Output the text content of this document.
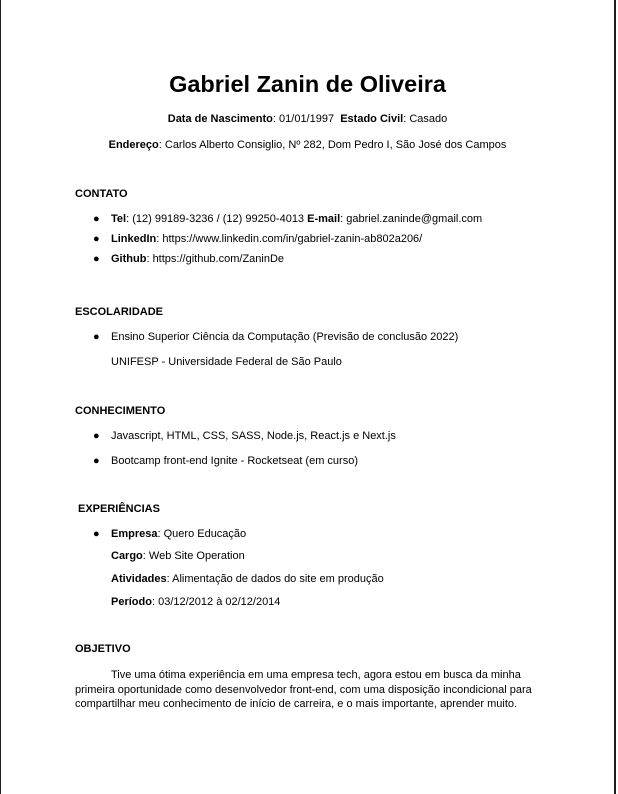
Gabriel Zanin de Oliveira
Data de Nascimento: 01/01/1997 Estado Civil: Casado
Endereço: Carlos Alberto Consiglio, Nº 282, Dom Pedro I, São José dos Campos
CONTATO
● Tel: (12) 99189-3236 / (12) 99250-4013 E-mail: gabriel.zaninde@gmail.com
● LinkedIn: https://www.linkedin.com/in/gabriel-zanin-ab802a206/
● Github: https://github.com/ZaninDe
ESCOLARIDADE
● Ensino Superior Ciência da Computação (Previsão de conclusão 2022)
UNIFESP - Universidade Federal de São Paulo
CONHECIMENTO
● Javascript, HTML, CSS, SASS, Node.js, React.js e Next.js
● Bootcamp front-end Ignite - Rocketseat (em curso)
EXPERIÊNCIAS
● Empresa: Quero Educação
Cargo: Web Site Operation
Atividades: Alimentação de dados do site em produção
Período: 03/12/2012 à 02/12/2014
OBJETIVO
Tive uma ótima experiência em uma empresa tech, agora estou em busca da minha
primeira oportunidade como desenvolvedor front-end, com uma disposição incondicional para
compartilhar meu conhecimento de início de carreira, e o mais importante, aprender muito.
